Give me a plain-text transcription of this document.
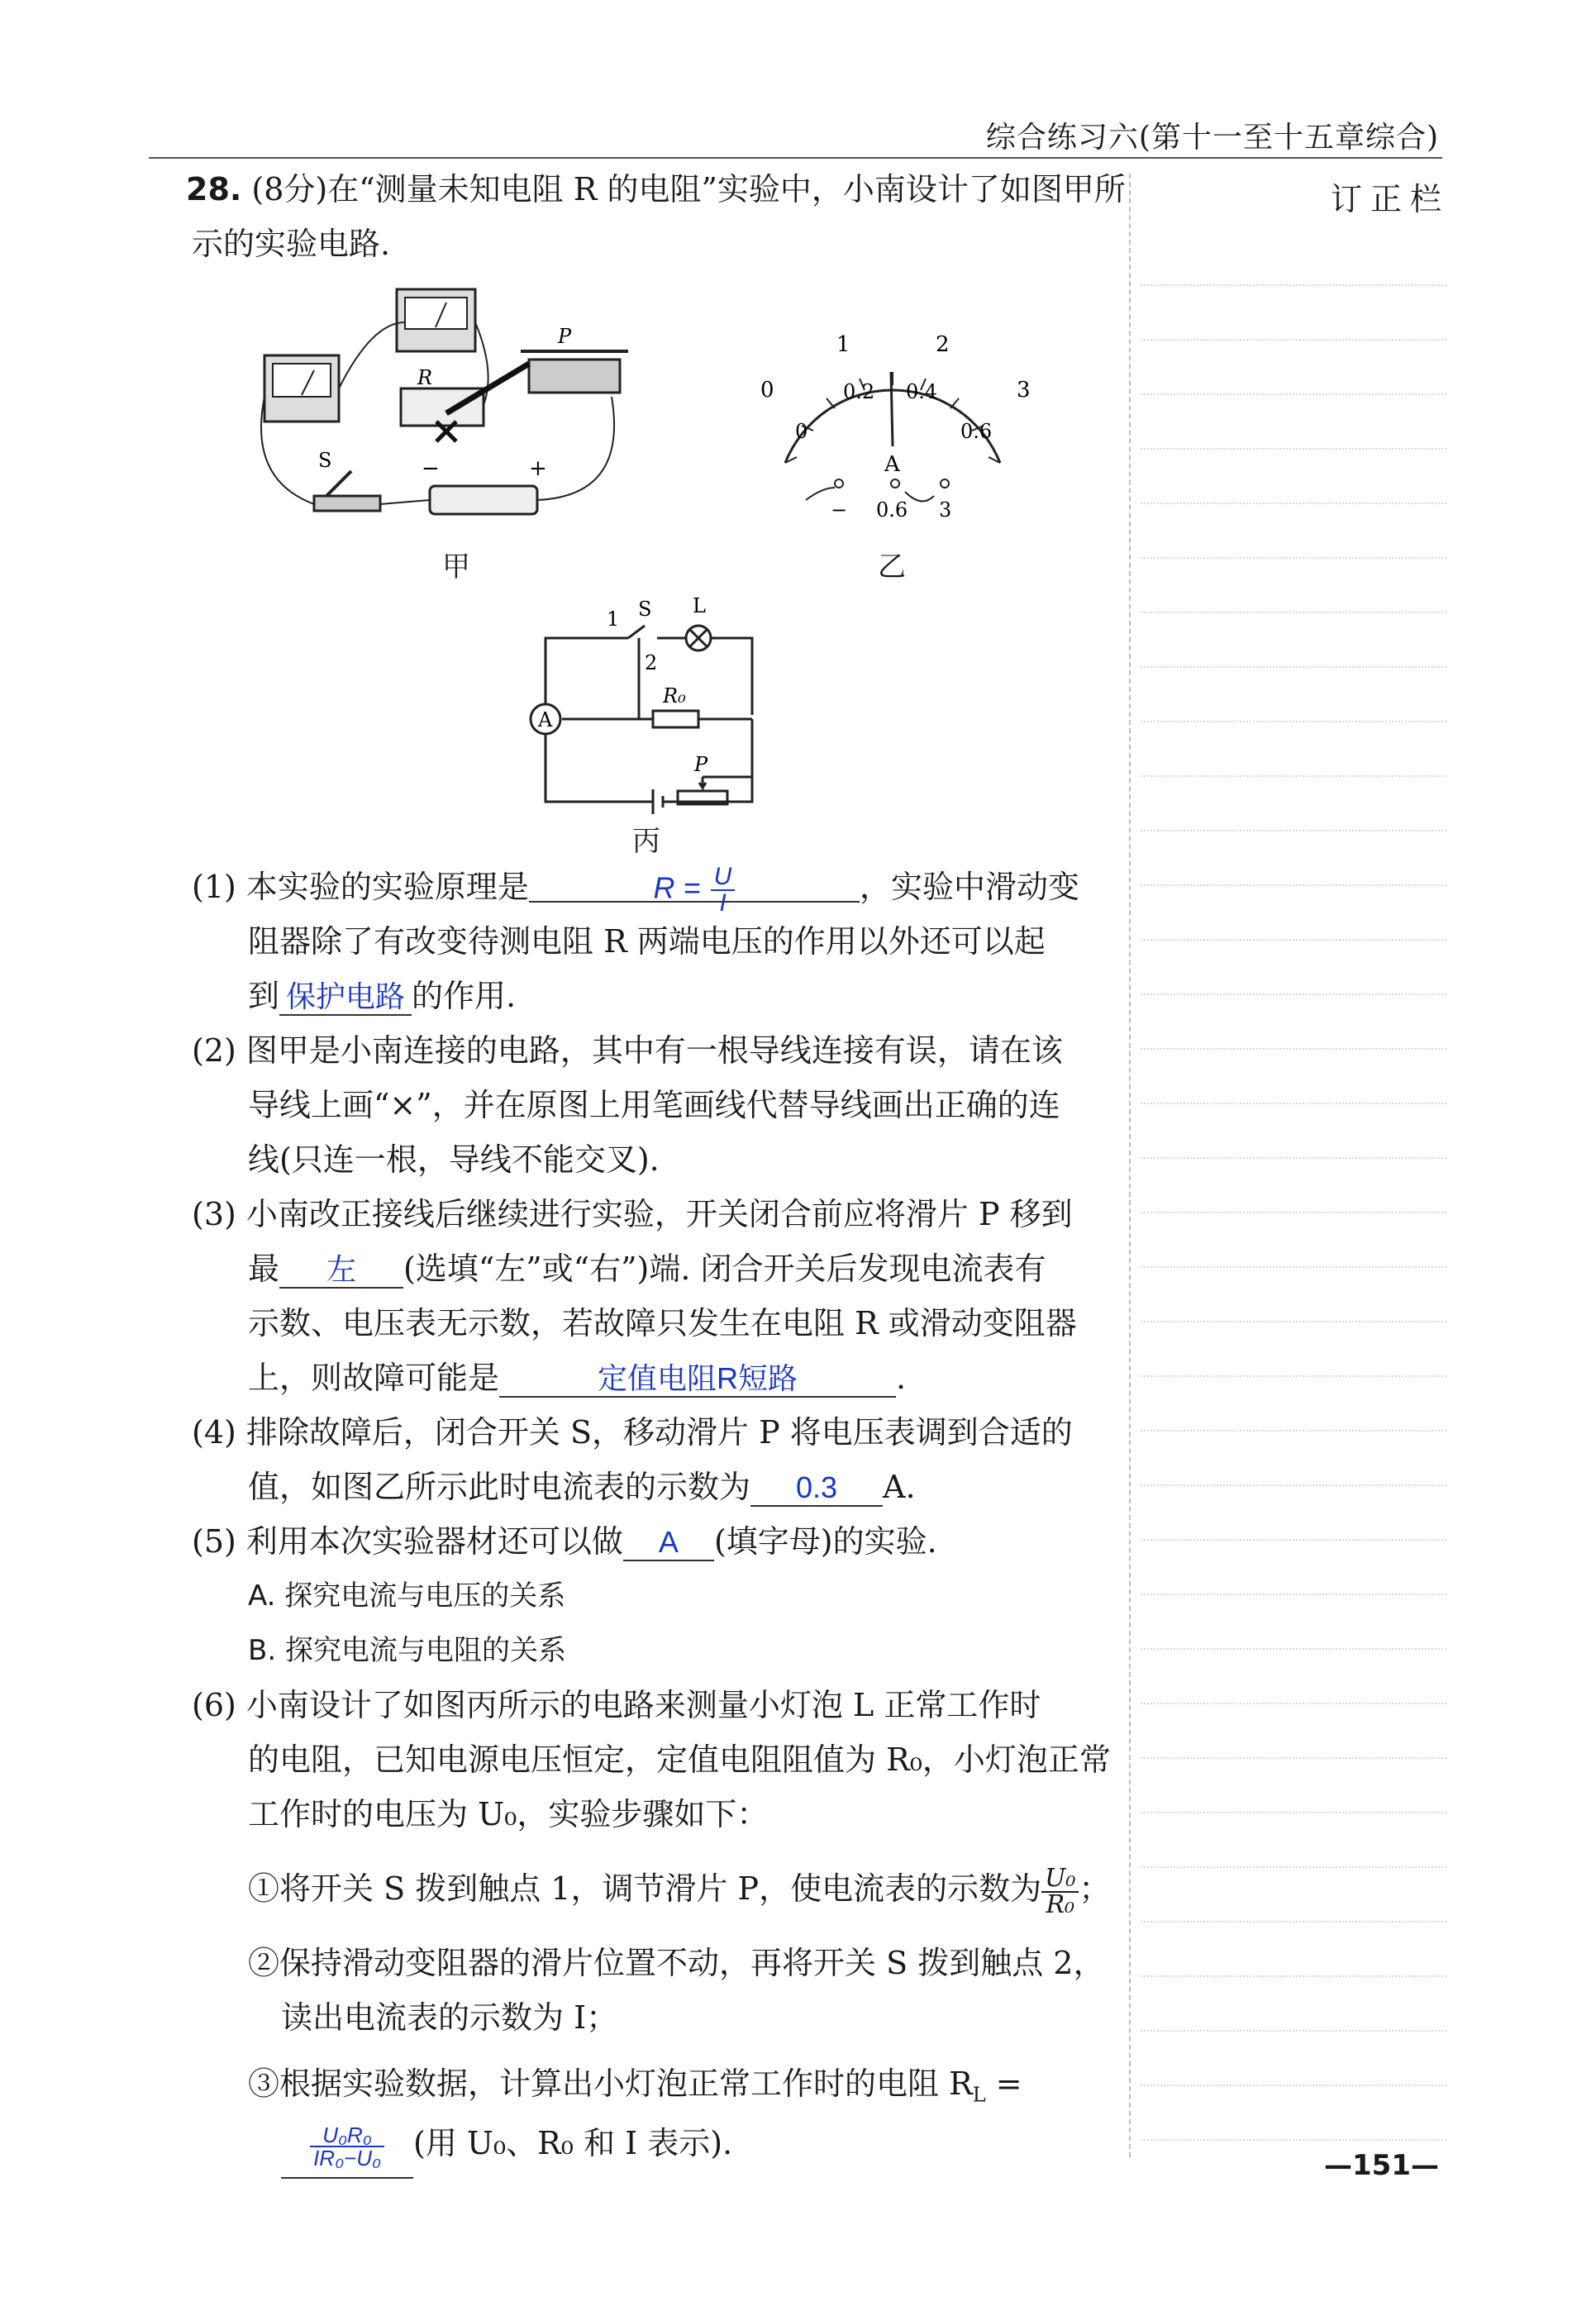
综合练习六(第十一至十五章综合)
订正栏
28. (8分)在“测量未知电阻 R 的电阻”实验中，小南设计了如图甲所
示的实验电路.
R
P
S	−	+
甲
0
1	2
3
0
0.2 0.4
0.6
A
− 0.6 3
乙
1
2
S L
A
R₀
P
丙
(1) 本实验的实验原理是	$R = \frac{U}{I}$	，实验中滑动变
阻器除了有改变待测电阻 R 两端电压的作用以外还可以起
到 保护电路 的作用.
(2) 图甲是小南连接的电路，其中有一根导线连接有误，请在该
导线上画“×”，并在原图上用笔画线代替导线画出正确的连
线(只连一根，导线不能交叉).
(3) 小南改正接线后继续进行实验，开关闭合前应将滑片 P 移到
最 左 (选填“左”或“右”)端. 闭合开关后发现电流表有
示数、电压表无示数，若故障只发生在电阻 R 或滑动变阻器
上，则故障可能是	定值电阻R短路	.
(4) 排除故障后，闭合开关 S，移动滑片 P 将电压表调到合适的
值，如图乙所示此时电流表的示数为 0.3 A.
(5) 利用本次实验器材还可以做 A (填字母)的实验.
A. 探究电流与电压的关系
B. 探究电流与电阻的关系
(6) 小南设计了如图丙所示的电路来测量小灯泡 L 正常工作时
的电阻，已知电源电压恒定，定值电阻阻值为 R₀，小灯泡正常
工作时的电压为 U₀，实验步骤如下：
①将开关 S 拨到触点 1，调节滑片 P，使电流表的示数为 $\frac{\text{U₀}}{\text{R₀}}$ ；
②保持滑动变阻器的滑片位置不动，再将开关 S 拨到触点 2，
读出电流表的示数为 I；
③根据实验数据，计算出小灯泡正常工作时的电阻 $R_L$ =
$\frac{\text{U₀R₀}}{\text{IR₀−U₀}}$ (用 U₀、R₀ 和 I 表示).
—151—
